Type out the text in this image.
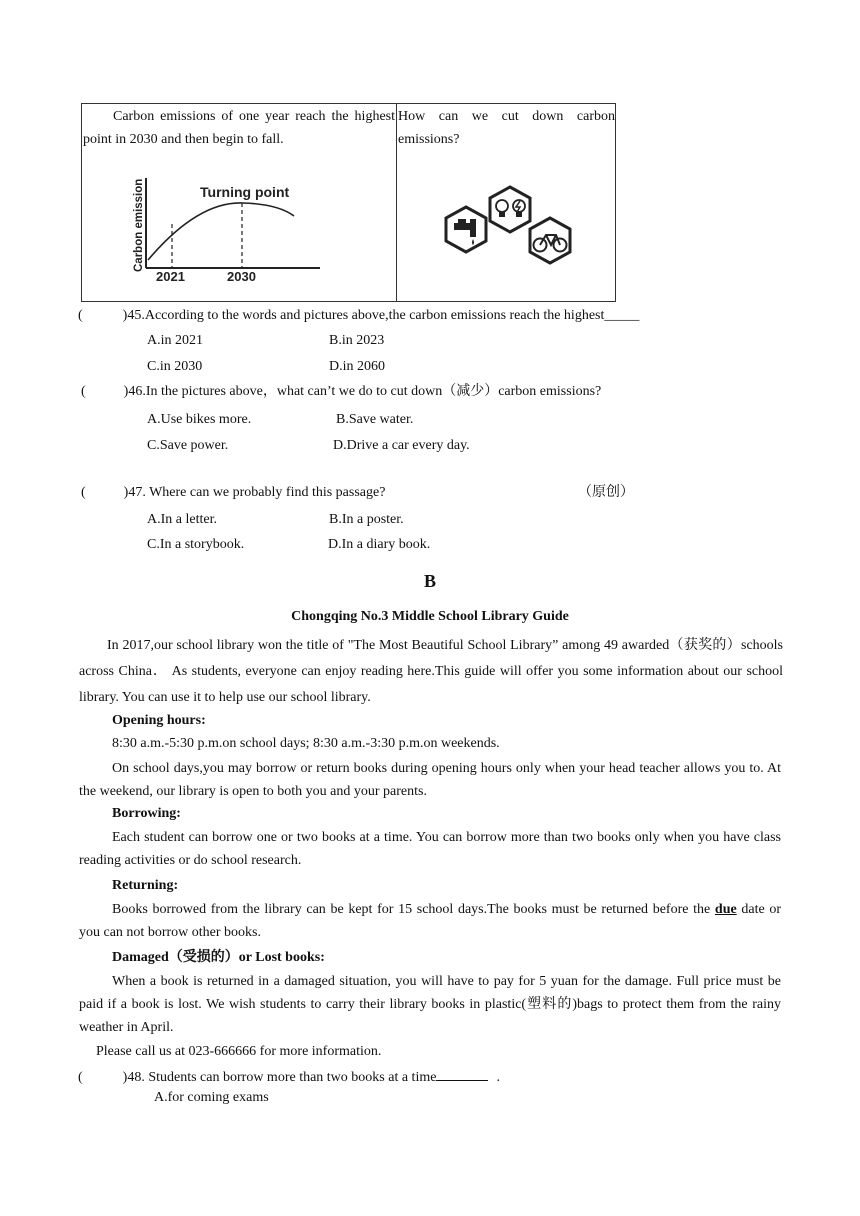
Carbon emissions of one year reach the highest point in 2030 and then begin to fall.
How can we cut down carbon emissions?
Turning point
Carbon emission
2021	2030
(	)45.According to the words and pictures above,the carbon emissions reach the highest_____
A.in 2021	B.in 2023
C.in 2030	D.in 2060
(	)46.In the pictures above，what can’t we do to cut down（减少）carbon emissions?
A.Use bikes more.	B.Save water.
C.Save power.	D.Drive a car every day.
(	)47. Where can we probably find this passage?	（原创）
A.In a letter.	B.In a poster.
C.In a storybook.	D.In a diary book.
B
Chongqing No.3 Middle School Library Guide
In 2017,our school library won the title of "The Most Beautiful School Library” among 49 awarded（获奖的）schools across China． As students, everyone can enjoy reading here.This guide will offer you some information about our school library. You can use it to help use our school library.
Opening hours:
8:30 a.m.-5:30 p.m.on school days; 8:30 a.m.-3:30 p.m.on weekends.
On school days,you may borrow or return books during opening hours only when your head teacher allows you to. At the weekend, our library is open to both you and your parents.
Borrowing:
Each student can borrow one or two books at a time. You can borrow more than two books only when you have class reading activities or do school research.
Returning:
Books borrowed from the library can be kept for 15 school days.The books must be returned before the due date or you can not borrow other books.
Damaged（受损的）or Lost books:
When a book is returned in a damaged situation, you will have to pay for 5 yuan for the damage. Full price must be paid if a book is lost. We wish students to carry their library books in plastic(塑料的)bags to protect them from the rainy weather in April.
Please call us at 023-666666 for more information.
(	)48. Students can borrow more than two books at a time	.
A.for coming exams
